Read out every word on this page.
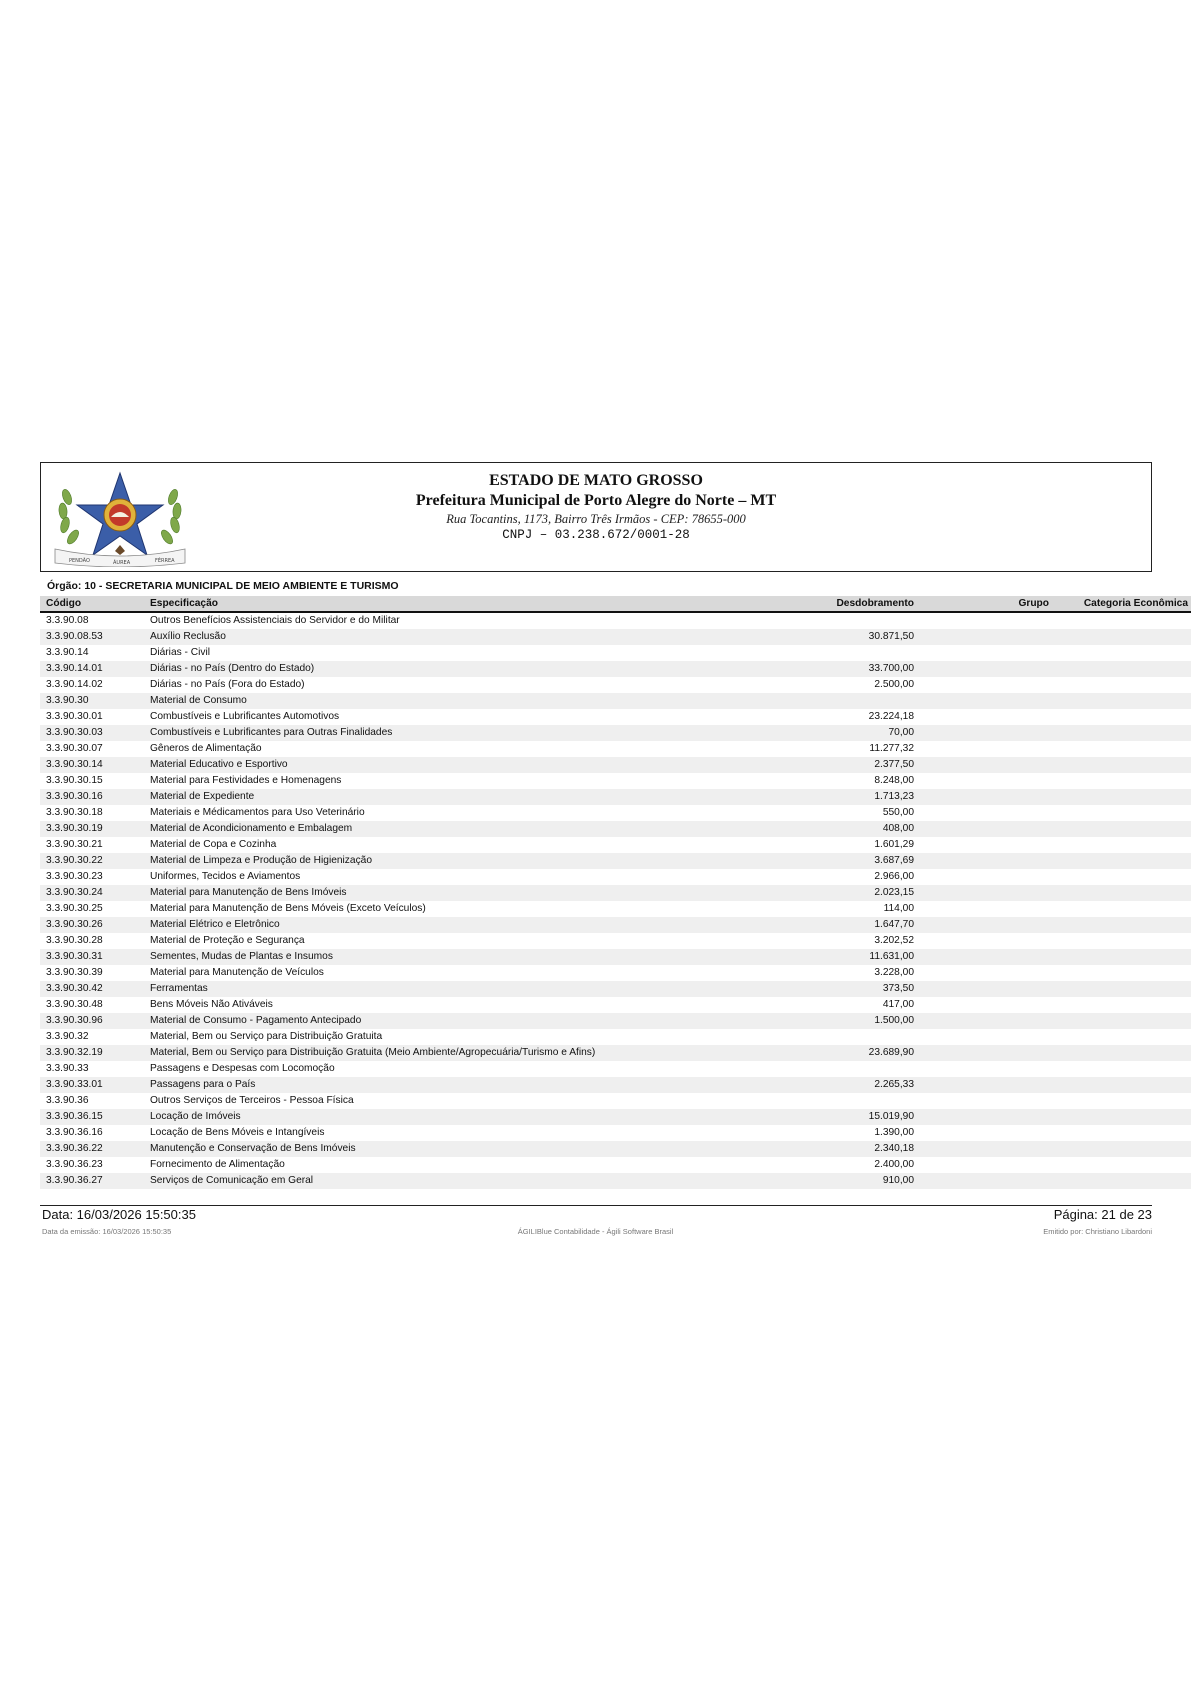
PENDÃO	ÁUREA	FÉRREA
ESTADO DE MATO GROSSO
Prefeitura Municipal de Porto Alegre do Norte – MT
Rua Tocantins, 1173, Bairro Três Irmãos - CEP: 78655-000
CNPJ – 03.238.672/0001-28
Órgão: 10 - SECRETARIA MUNICIPAL DE MEIO AMBIENTE E TURISMO
Código	Especificação	Desdobramento	Grupo	Categoria Econômica
3.3.90.08	Outros Benefícios Assistenciais do Servidor e do Militar			
3.3.90.08.53	Auxílio Reclusão	30.871,50		
3.3.90.14	Diárias - Civil			
3.3.90.14.01	Diárias - no País (Dentro do Estado)	33.700,00		
3.3.90.14.02	Diárias - no País (Fora do Estado)	2.500,00		
3.3.90.30	Material de Consumo			
3.3.90.30.01	Combustíveis e Lubrificantes Automotivos	23.224,18		
3.3.90.30.03	Combustíveis e Lubrificantes para Outras Finalidades	70,00		
3.3.90.30.07	Gêneros de Alimentação	11.277,32		
3.3.90.30.14	Material Educativo e Esportivo	2.377,50		
3.3.90.30.15	Material para Festividades e Homenagens	8.248,00		
3.3.90.30.16	Material de Expediente	1.713,23		
3.3.90.30.18	Materiais e Médicamentos para Uso Veterinário	550,00		
3.3.90.30.19	Material de Acondicionamento e Embalagem	408,00		
3.3.90.30.21	Material de Copa e Cozinha	1.601,29		
3.3.90.30.22	Material de Limpeza e Produção de Higienização	3.687,69		
3.3.90.30.23	Uniformes, Tecidos e Aviamentos	2.966,00		
3.3.90.30.24	Material para Manutenção de Bens Imóveis	2.023,15		
3.3.90.30.25	Material para Manutenção de Bens Móveis (Exceto Veículos)	114,00		
3.3.90.30.26	Material Elétrico e Eletrônico	1.647,70		
3.3.90.30.28	Material de Proteção e Segurança	3.202,52		
3.3.90.30.31	Sementes, Mudas de Plantas e Insumos	11.631,00		
3.3.90.30.39	Material para Manutenção de Veículos	3.228,00		
3.3.90.30.42	Ferramentas	373,50		
3.3.90.30.48	Bens Móveis Não Ativáveis	417,00		
3.3.90.30.96	Material de Consumo - Pagamento Antecipado	1.500,00		
3.3.90.32	Material, Bem ou Serviço para Distribuição Gratuita			
3.3.90.32.19	Material, Bem ou Serviço para Distribuição Gratuita (Meio Ambiente/Agropecuária/Turismo e Afins)	23.689,90		
3.3.90.33	Passagens e Despesas com Locomoção			
3.3.90.33.01	Passagens para o País	2.265,33		
3.3.90.36	Outros Serviços de Terceiros - Pessoa Física			
3.3.90.36.15	Locação de Imóveis	15.019,90		
3.3.90.36.16	Locação de Bens Móveis e Intangíveis	1.390,00		
3.3.90.36.22	Manutenção e Conservação de Bens Imóveis	2.340,18		
3.3.90.36.23	Fornecimento de Alimentação	2.400,00		
3.3.90.36.27	Serviços de Comunicação em Geral	910,00		
Data: 16/03/2026 15:50:35	Página: 21 de 23
Data da emissão: 16/03/2026 15:50:35	ÁGILIBlue Contabilidade - Ágili Software Brasil	Emitido por: Christiano Libardoni
